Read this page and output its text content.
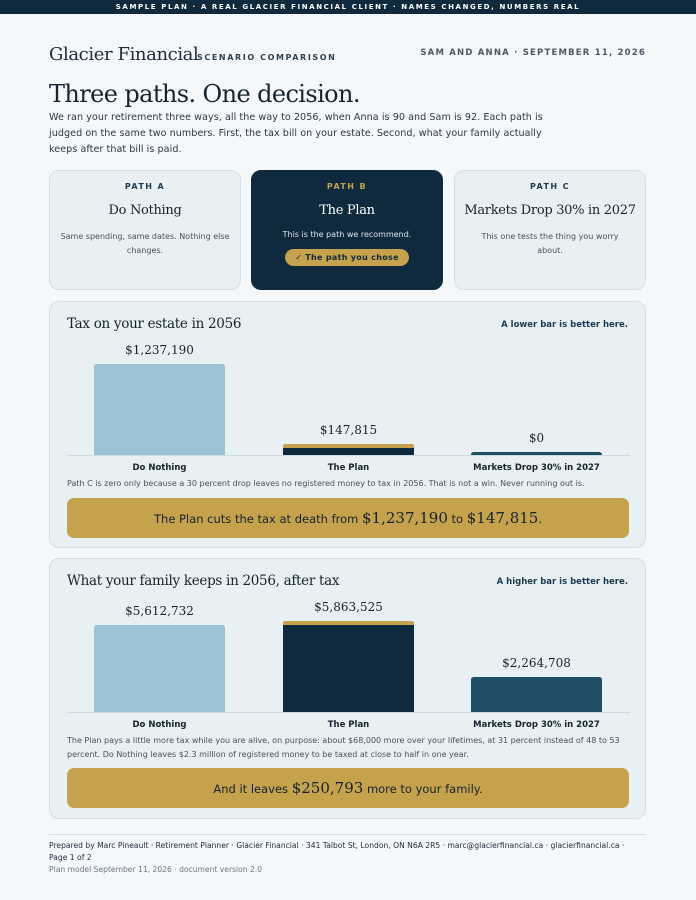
SAMPLE PLAN · A REAL GLACIER FINANCIAL CLIENT · NAMES CHANGED, NUMBERS REAL
Glacier Financial
SCENARIO COMPARISON	SAM AND ANNA · SEPTEMBER 11, 2026
Three paths. One decision.
We ran your retirement three ways, all the way to 2056, when Anna is 90 and Sam is 92. Each path is judged on the same two numbers. First, the tax bill on your estate. Second, what your family actually keeps after that bill is paid.
PATH A
Do Nothing
Same spending, same dates. Nothing else changes.
PATH B
The Plan
This is the path we recommend.
✓ The path you chose
PATH C
Markets Drop 30% in 2027
This one tests the thing you worry about.
$1,237,190
Do Nothing
$147,815
The Plan
$0
Markets Drop 30% in 2027
Tax on your estate in 2056	A lower bar is better here.
Path C is zero only because a 30 percent drop leaves no registered money to tax in 2056. That is not a win. Never running out is.
The Plan cuts the tax at death from $1,237,190 to $147,815.
$5,612,732
Do Nothing
$5,863,525
The Plan
$2,264,708
Markets Drop 30% in 2027
What your family keeps in 2056, after tax	A higher bar is better here.
The Plan pays a little more tax while you are alive, on purpose: about $68,000 more over your lifetimes, at 31 percent instead of 48 to 53 percent. Do Nothing leaves $2.3 million of registered money to be taxed at close to half in one year.
And it leaves $250,793 more to your family.
Prepared by Marc Pineault · Retirement Planner · Glacier Financial · 341 Talbot St, London, ON N6A 2R5 · marc@glacierfinancial.ca · glacierfinancial.ca ·
Page 1 of 2
Plan model September 11, 2026 · document version 2.0
